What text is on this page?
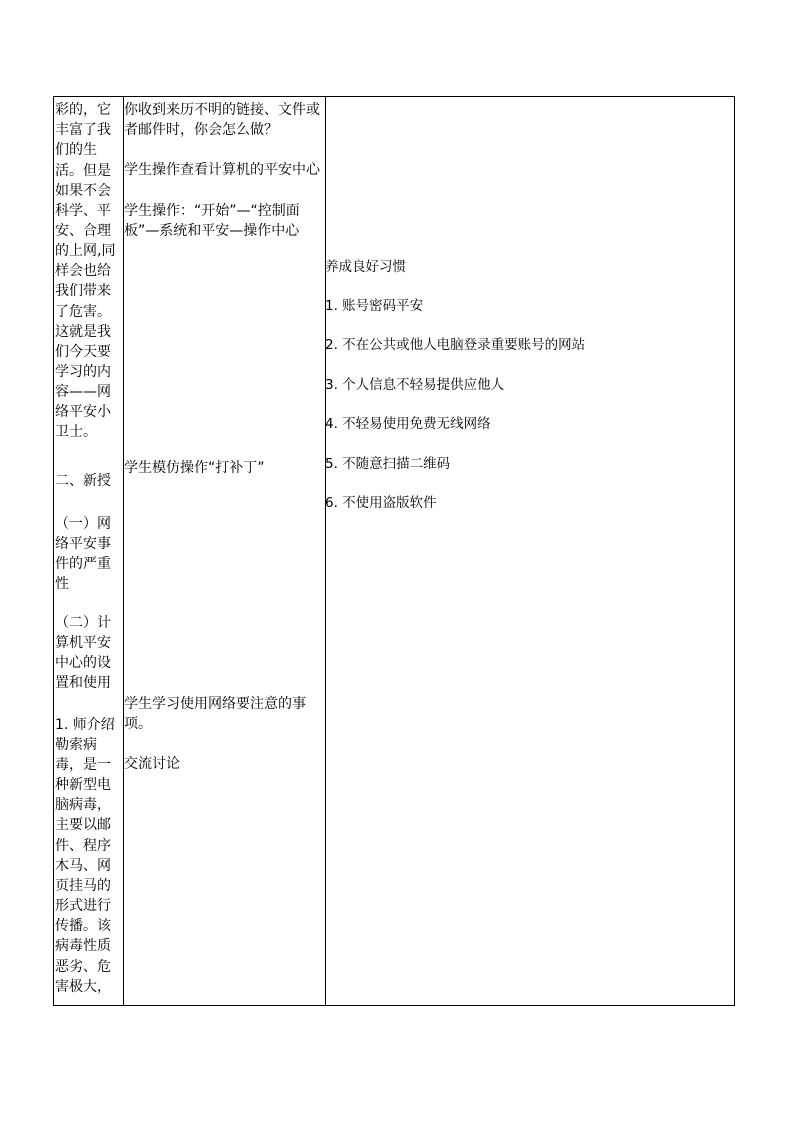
彩的，它
丰富了我
们的生
活。但是
如果不会
科学、平
安、合理
的上网,同
样会也给
我们带来
了危害。
这就是我
们今天要
学习的内
容——网
络平安小
卫士。
二、新授
（一）网
络平安事
件的严重
性
（二）计
算机平安
中心的设
置和使用
1. 师介绍
勒索病
毒，是一
种新型电
脑病毒，
主要以邮
件、程序
木马、网
页挂马的
形式进行
传播。该
病毒性质
恶劣、危
害极大，
你收到来历不明的链接、文件或
者邮件时，你会怎么做？
学生操作查看计算机的平安中心
学生操作：“开始”—“控制面
板”—系统和平安—操作中心
学生模仿操作“打补丁”
学生学习使用网络要注意的事
项。
交流讨论
养成良好习惯
1. 账号密码平安
2. 不在公共或他人电脑登录重要账号的网站
3. 个人信息不轻易提供应他人
4. 不轻易使用免费无线网络
5. 不随意扫描二维码
6. 不使用盗版软件
